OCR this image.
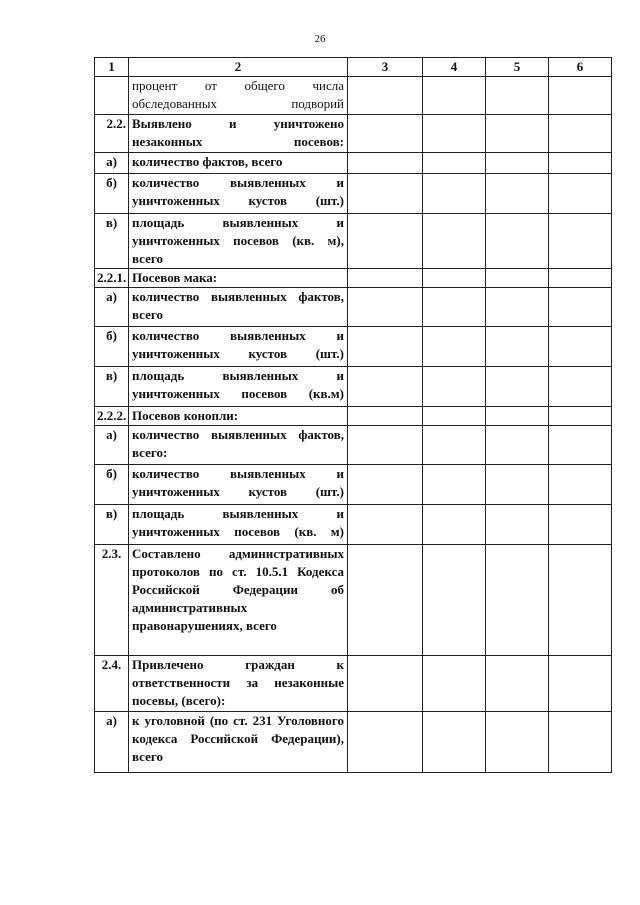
26
1	2	3	4	5	6
	процент от общего числа обследованных подворий				
2.2.	Выявлено и уничтожено незаконных посевов:				
а)	количество фактов, всего				
б)	количество выявленных и уничтоженных кустов (шт.)				
в)	площадь выявленных и уничтоженных посевов (кв. м), всего				
2.2.1.	Посевов мака:				
а)	количество выявленных фактов, всего				
б)	количество выявленных и уничтоженных кустов (шт.)				
в)	площадь выявленных и уничтоженных посевов (кв.м)				
2.2.2.	Посевов конопли:				
а)	количество выявленных фактов, всего:				
б)	количество выявленных и уничтоженных кустов (шт.)				
в)	площадь выявленных и уничтоженных посевов (кв. м)				
2.3.	Составлено административных протоколов по ст. 10.5.1 Кодекса Российской Федерации об административных правонарушениях, всего				
2.4.	Привлечено граждан к ответственности за незаконные посевы, (всего):				
а)	к уголовной (по ст. 231 Уголовного кодекса Российской Федерации), всего				
